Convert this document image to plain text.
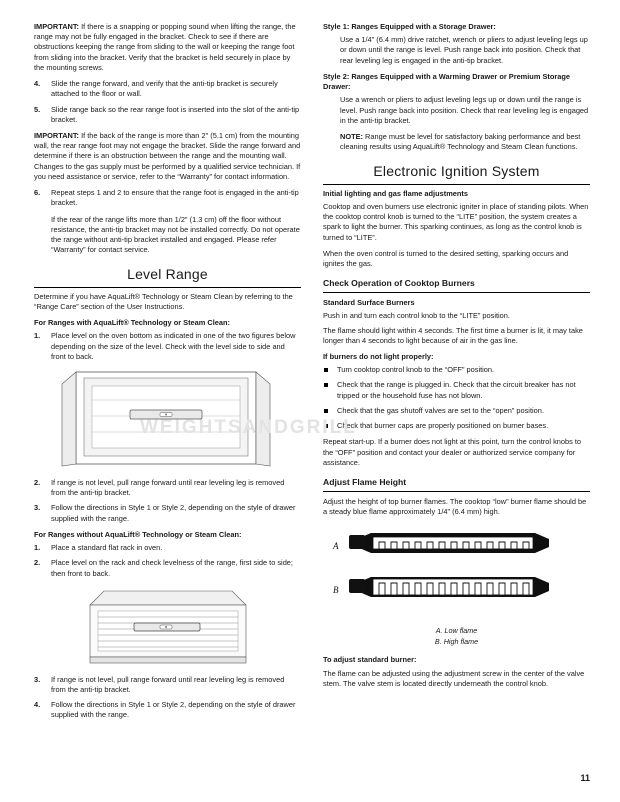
WEIGHTSANDGRILL

IMPORTANT: If there is a snapping or popping sound when lifting the range, the range may not be fully engaged in the bracket. Check to see if there are obstructions keeping the range from sliding to the wall or keeping the range foot from sliding into the bracket. Verify that the bracket is held securely in place by the mounting screws.

4.	Slide the range forward, and verify that the anti-tip bracket is securely attached to the floor or wall.
5.	Slide range back so the rear range foot is inserted into the slot of the anti-tip bracket.

IMPORTANT: If the back of the range is more than 2" (5.1 cm) from the mounting wall, the rear range foot may not engage the bracket. Slide the range forward and determine if there is an obstruction between the range and the mounting wall. Changes to the gas supply must be performed by a qualified service technician. If you need assistance or service, refer to the “Warranty” for contact information.

6.	Repeat steps 1 and 2 to ensure that the range foot is engaged in the anti-tip bracket.

If the rear of the range lifts more than 1/2" (1.3 cm) off the floor without resistance, the anti-tip bracket may not be installed correctly. Do not operate the range without anti-tip bracket installed and engaged. Please refer “Warranty” for contact service.

Level Range

Determine if you have AquaLift® Technology or Steam Clean by referring to the “Range Care” section of the User Instructions.

For Ranges with AquaLift® Technology or Steam Clean:

1.	Place level on the oven bottom as indicated in one of the two figures below depending on the size of the level. Check with the level side to side and front to back.
2.	If range is not level, pull range forward until rear leveling leg is removed from the anti-tip bracket.
3.	Follow the directions in Style 1 or Style 2, depending on the style of drawer supplied with the range.

For Ranges without AquaLift® Technology or Steam Clean:

1.	Place a standard flat rack in oven.
2.	Place level on the rack and check levelness of the range, first side to side; then front to back.
3.	If range is not level, pull range forward until rear leveling leg is removed from the anti-tip bracket.
4.	Follow the directions in Style 1 or Style 2, depending on the style of drawer supplied with the range.

Style 1: Ranges Equipped with a Storage Drawer:

Use a 1/4" (6.4 mm) drive ratchet, wrench or pliers to adjust leveling legs up or down until the range is level. Push range back into position. Check that rear leveling leg is engaged in the anti-tip bracket.

Style 2: Ranges Equipped with a Warming Drawer or Premium Storage Drawer:

Use a wrench or pliers to adjust leveling legs up or down until the range is level. Push range back into position. Check that rear leveling leg is engaged in the anti-tip bracket.

NOTE: Range must be level for satisfactory baking performance and best cleaning results using AquaLift® Technology and Steam Clean functions.

Electronic Ignition System

Initial lighting and gas flame adjustments

Cooktop and oven burners use electronic igniter in place of standing pilots. When the cooktop control knob is turned to the “LITE” position, the system creates a spark to light the burner. This sparking continues, as long as the control knob is turned to “LITE”.

When the oven control is turned to the desired setting, sparking occurs and ignites the gas.

Check Operation of Cooktop Burners

Standard Surface Burners

Push in and turn each control knob to the “LITE” position.

The flame should light within 4 seconds. The first time a burner is lit, it may take longer than 4 seconds to light because of air in the gas line.

If burners do not light properly:

Turn cooktop control knob to the “OFF” position.
Check that the range is plugged in. Check that the circuit breaker has not tripped or the household fuse has not blown.
Check that the gas shutoff valves are set to the “open” position.
Check that burner caps are properly positioned on burner bases.

Repeat start-up. If a burner does not light at this point, turn the control knobs to the “OFF” position and contact your dealer or authorized service company for assistance.

Adjust Flame Height

Adjust the height of top burner flames. The cooktop “low” burner flame should be a steady blue flame approximately 1/4" (6.4 mm) high.

A
B

A. Low flame

B. High flame

To adjust standard burner:

The flame can be adjusted using the adjustment screw in the center of the valve stem. The valve stem is located directly underneath the control knob.

11
